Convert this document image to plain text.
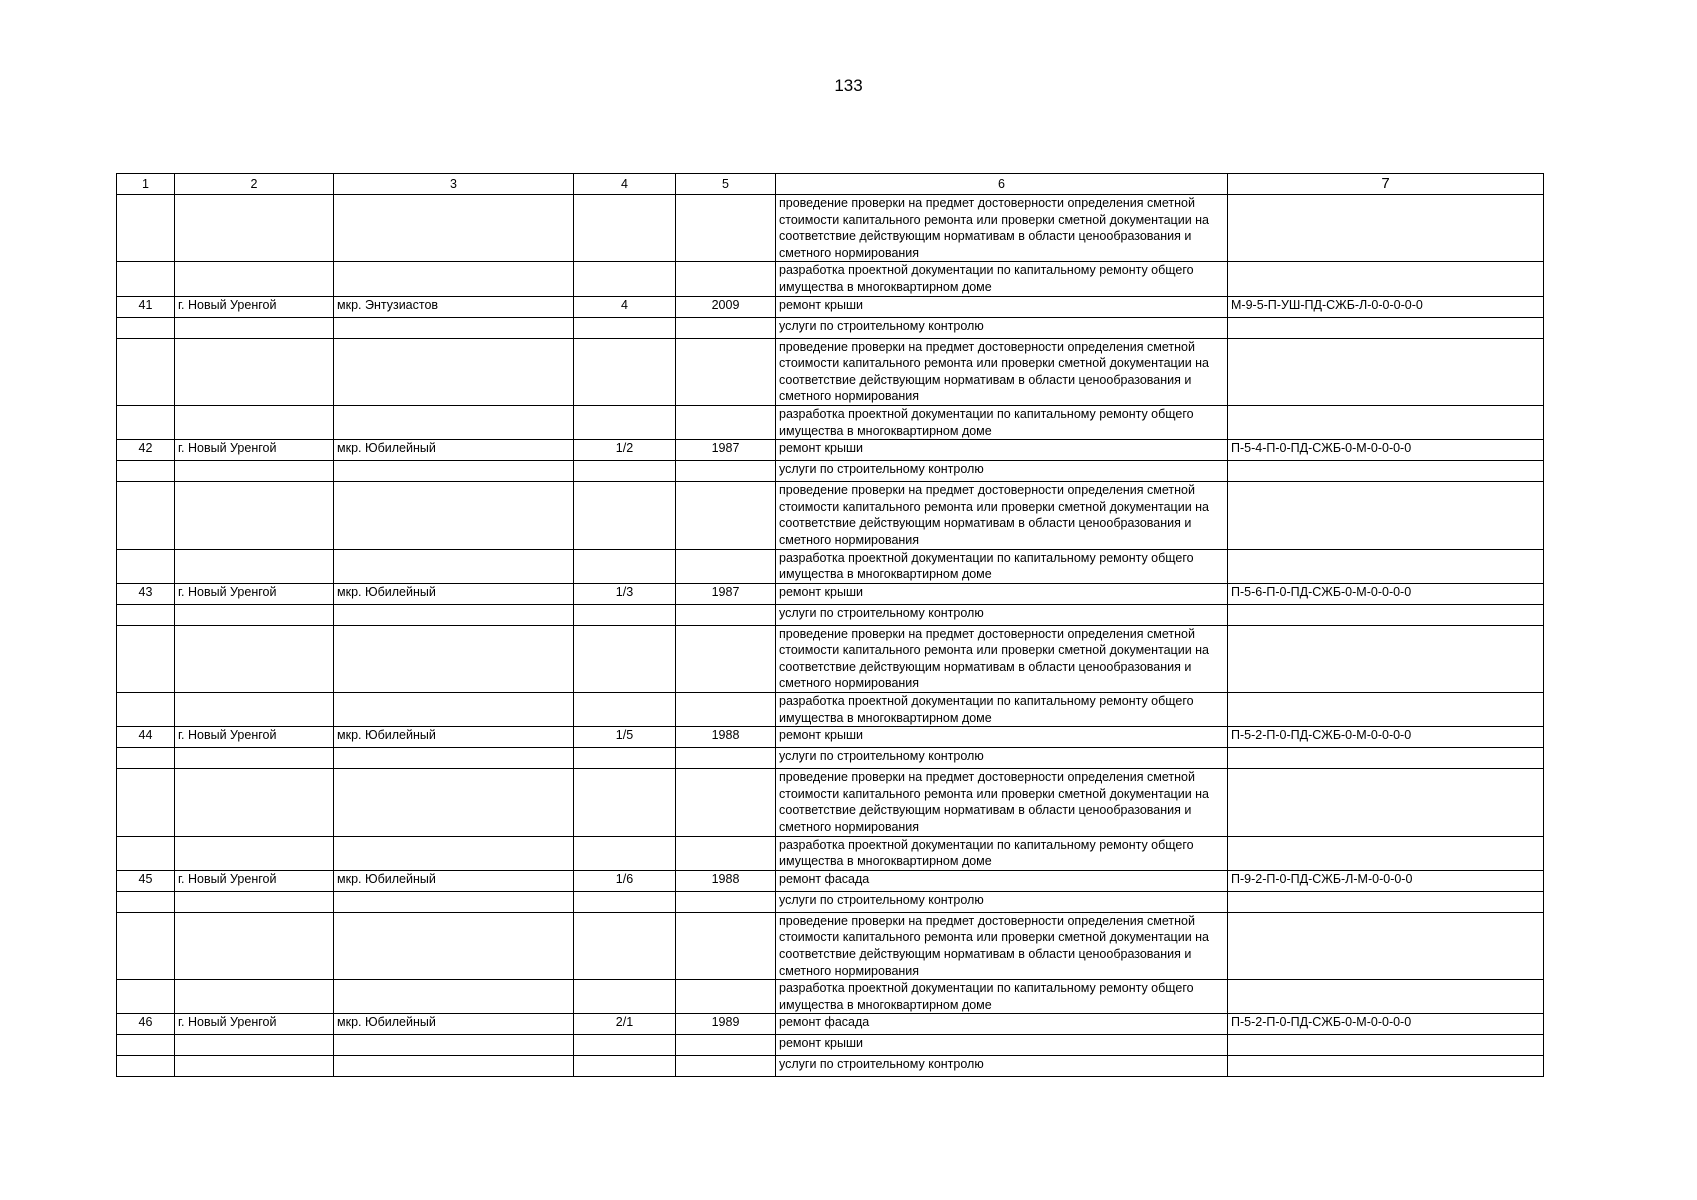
133
1	2	3	4	5	6	7
					проведение проверки на предмет достоверности определения сметной стоимости капитального ремонта или проверки сметной документации на соответствие действующим нормативам в области ценообразования и сметного нормирования	
					разработка проектной документации по капитальному ремонту общего имущества в многоквартирном доме	
41	г. Новый Уренгой	мкр. Энтузиастов	4	2009	ремонт крыши	М-9-5-П-УШ-ПД-СЖБ-Л-0-0-0-0-0
					услуги по строительному контролю	
					проведение проверки на предмет достоверности определения сметной стоимости капитального ремонта или проверки сметной документации на соответствие действующим нормативам в области ценообразования и сметного нормирования	
					разработка проектной документации по капитальному ремонту общего имущества в многоквартирном доме	
42	г. Новый Уренгой	мкр. Юбилейный	1/2	1987	ремонт крыши	П-5-4-П-0-ПД-СЖБ-0-М-0-0-0-0
					услуги по строительному контролю	
					проведение проверки на предмет достоверности определения сметной стоимости капитального ремонта или проверки сметной документации на соответствие действующим нормативам в области ценообразования и сметного нормирования	
					разработка проектной документации по капитальному ремонту общего имущества в многоквартирном доме	
43	г. Новый Уренгой	мкр. Юбилейный	1/3	1987	ремонт крыши	П-5-6-П-0-ПД-СЖБ-0-М-0-0-0-0
					услуги по строительному контролю	
					проведение проверки на предмет достоверности определения сметной стоимости капитального ремонта или проверки сметной документации на соответствие действующим нормативам в области ценообразования и сметного нормирования	
					разработка проектной документации по капитальному ремонту общего имущества в многоквартирном доме	
44	г. Новый Уренгой	мкр. Юбилейный	1/5	1988	ремонт крыши	П-5-2-П-0-ПД-СЖБ-0-М-0-0-0-0
					услуги по строительному контролю	
					проведение проверки на предмет достоверности определения сметной стоимости капитального ремонта или проверки сметной документации на соответствие действующим нормативам в области ценообразования и сметного нормирования	
					разработка проектной документации по капитальному ремонту общего имущества в многоквартирном доме	
45	г. Новый Уренгой	мкр. Юбилейный	1/6	1988	ремонт фасада	П-9-2-П-0-ПД-СЖБ-Л-М-0-0-0-0
					услуги по строительному контролю	
					проведение проверки на предмет достоверности определения сметной стоимости капитального ремонта или проверки сметной документации на соответствие действующим нормативам в области ценообразования и сметного нормирования	
					разработка проектной документации по капитальному ремонту общего имущества в многоквартирном доме	
46	г. Новый Уренгой	мкр. Юбилейный	2/1	1989	ремонт фасада	П-5-2-П-0-ПД-СЖБ-0-М-0-0-0-0
					ремонт крыши	
					услуги по строительному контролю	
